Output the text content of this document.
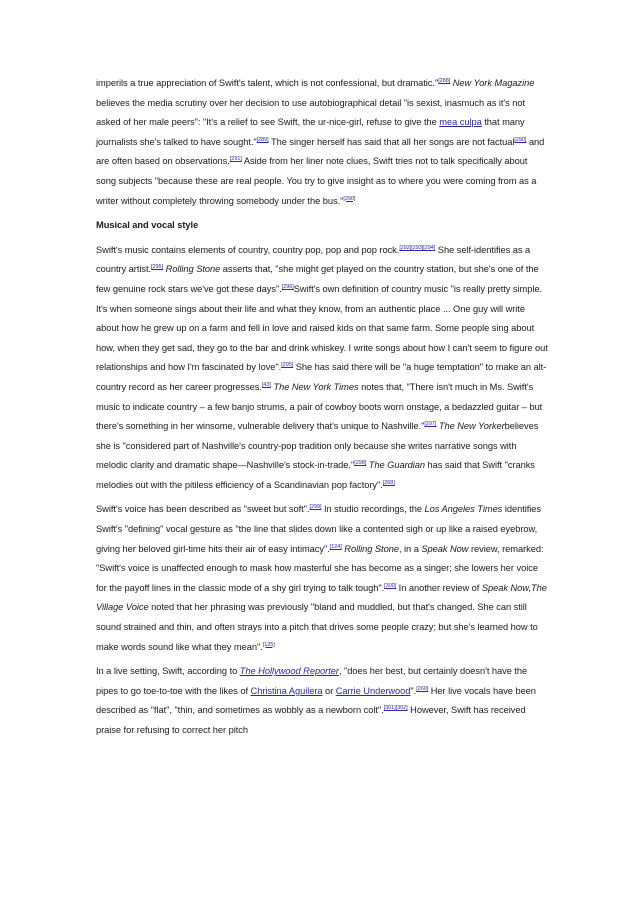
imperils a true appreciation of Swift's talent, which is not confessional, but dramatic."[288] New York Magazine believes the media scrutiny over her decision to use autobiographical detail "is sexist, inasmuch as it's not asked of her male peers": "It's a relief to see Swift, the ur-nice-girl, refuse to give the mea culpa that many journalists she's talked to have sought."[289] The singer herself has said that all her songs are not factual[290] and are often based on observations.[291] Aside from her liner note clues, Swift tries not to talk specifically about song subjects "because these are real people. You try to give insight as to where you were coming from as a writer without completely throwing somebody under the bus."[290]

Musical and vocal style

Swift's music contains elements of country, country pop, pop and pop rock.[292][293][294] She self-identifies as a country artist.[295] Rolling Stone asserts that, "she might get played on the country station, but she's one of the few genuine rock stars we've got these days".[296]Swift's own definition of country music "is really pretty simple. It's when someone sings about their life and what they know, from an authentic place ... One guy will write about how he grew up on a farm and fell in love and raised kids on that same farm. Some people sing about how, when they get sad, they go to the bar and drink whiskey. I write songs about how I can't seem to figure out relationships and how I'm fascinated by love".[295] She has said there will be "a huge temptation" to make an alt-country record as her career progresses.[43] The New York Times notes that, "There isn't much in Ms. Swift's music to indicate country – a few banjo strums, a pair of cowboy boots worn onstage, a bedazzled guitar – but there's something in her winsome, vulnerable delivery that's unique to Nashville."[297] The New Yorkerbelieves she is "considered part of Nashville's country-pop tradition only because she writes narrative songs with melodic clarity and dramatic shape—Nashville's stock-in-trade."[298] The Guardian has said that Swift "cranks melodies out with the pitiless efficiency of a Scandinavian pop factory".[268]

Swift's voice has been described as "sweet but soft".[299] In studio recordings, the Los Angeles Times identifies Swift's "defining" vocal gesture as "the line that slides down like a contented sigh or up like a raised eyebrow, giving her beloved girl-time hits their air of easy intimacy".[124] Rolling Stone, in a Speak Now review, remarked: "Swift's voice is unaffected enough to mask how masterful she has become as a singer; she lowers her voice for the payoff lines in the classic mode of a shy girl trying to talk tough".[300] In another review of Speak Now,The Village Voice noted that her phrasing was previously "bland and muddled, but that's changed. She can still sound strained and thin, and often strays into a pitch that drives some people crazy; but she's learned how to make words sound like what they mean".[125]

In a live setting, Swift, according to The Hollywood Reporter, "does her best, but certainly doesn't have the pipes to go toe-to-toe with the likes of Christina Aguilera or Carrie Underwood".[260] Her live vocals have been described as "flat", "thin, and sometimes as wobbly as a newborn colt".[301][302] However, Swift has received praise for refusing to correct her pitch
